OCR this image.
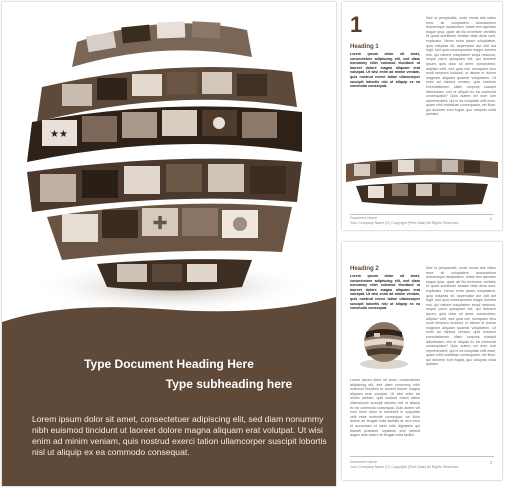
★★
✚
Type Document Heading Here
Type subheading here
Lorem ipsum dolor sit amet, consectetuer adipiscing elit, sed diam nonummy nibh euismod tincidunt ut laoreet dolore magna aliquam erat volutpat. Ut wisi enim ad minim veniam, quis nostrud exerci tation ullamcorper suscipit lobortis nisl ut aliquip ex ea commodo consequat.
1
Heading 1
Lorem ipsum dolor sit amet, consectetuer adipiscing elit, sed diam nonummy nibh euismod tincidunt ut laoreet dolore magna aliquam erat volutpat. Ut wisi enim ad minim veniam, quis nostrud exerci tation ullamcorper suscipit lobortis nisl ut aliquip ex ea commodo consequat.
Sed ut perspiciatis, unde omnis iste natus error sit voluptatem accusantium doloremque laudantium, totam rem aperiam eaque ipsa, quae ab illo inventore veritatis et quasi architecto beatae vitae dicta sunt, explicabo. Nemo enim ipsam voluptatem, quia voluptas sit, aspernatur aut odit aut fugit, sed quia consequuntur magni dolores eos, qui ratione voluptatem sequi nesciunt, neque porro quisquam est, qui dolorem ipsum, quia dolor sit amet, consectetur, adipisci velit, sed quia non numquam eius modi tempora incidunt, ut labore et dolore magnam aliquam quaerat voluptatem. Ut enim ad minima veniam, quis nostrum exercitationem ullam corporis suscipit laboriosam, nisi ut aliquid ex ea commodi consequatur? Quis autem vel eum iure reprehenderit, qui in ea voluptate velit esse, quam nihil molestiae consequatur, vel illum, qui dolorem eum fugiat, quo voluptas nulla pariatur.
Document Name
Your Company Name (C) Copyright (Print Date) All Rights Reserved
2
Heading 2
Lorem ipsum dolor sit amet, consectetuer adipiscing elit, sed diam nonummy nibh euismod tincidunt ut laoreet dolore magna aliquam erat volutpat. Ut wisi enim ad minim veniam, quis nostrud exerci tation ullamcorper suscipit lobortis nisl ut aliquip ex ea commodo consequat.
Lorem ipsum dolor sit amet, consectetuer adipiscing elit, sed diam nonummy nibh euismod tincidunt ut laoreet dolore magna aliquam erat volutpat. Ut wisi enim ad minim veniam, quis nostrud exerci tation ullamcorper suscipit lobortis nisl ut aliquip ex ea commodo consequat. Duis autem vel eum iriure dolor in hendrerit in vulputate velit esse molestie consequat, vel illum dolore eu feugiat nulla facilisis at vero eros et accumsan et iusto odio dignissim qui blandit praesent luptatum zzril delenit augue duis dolore te feugait nulla facilisi.
Sed ut perspiciatis, unde omnis iste natus error sit voluptatem accusantium doloremque laudantium, totam rem aperiam eaque ipsa, quae ab illo inventore veritatis et quasi architecto beatae vitae dicta sunt, explicabo. Nemo enim ipsam voluptatem, quia voluptas sit, aspernatur aut odit aut fugit, sed quia consequuntur magni dolores eos, qui ratione voluptatem sequi nesciunt, neque porro quisquam est, qui dolorem ipsum, quia dolor sit amet, consectetur, adipisci velit, sed quia non numquam eius modi tempora incidunt, ut labore et dolore magnam aliquam quaerat voluptatem. Ut enim ad minima veniam, quis nostrum exercitationem ullam corporis suscipit laboriosam, nisi ut aliquid ex ea commodi consequatur? Quis autem vel eum iure reprehenderit, qui in ea voluptate velit esse, quam nihil molestiae consequatur, vel illum, qui dolorem eum fugiat, quo voluptas nulla pariatur.
Document Name
Your Company Name (C) Copyright (Print Date) All Rights Reserved
3
